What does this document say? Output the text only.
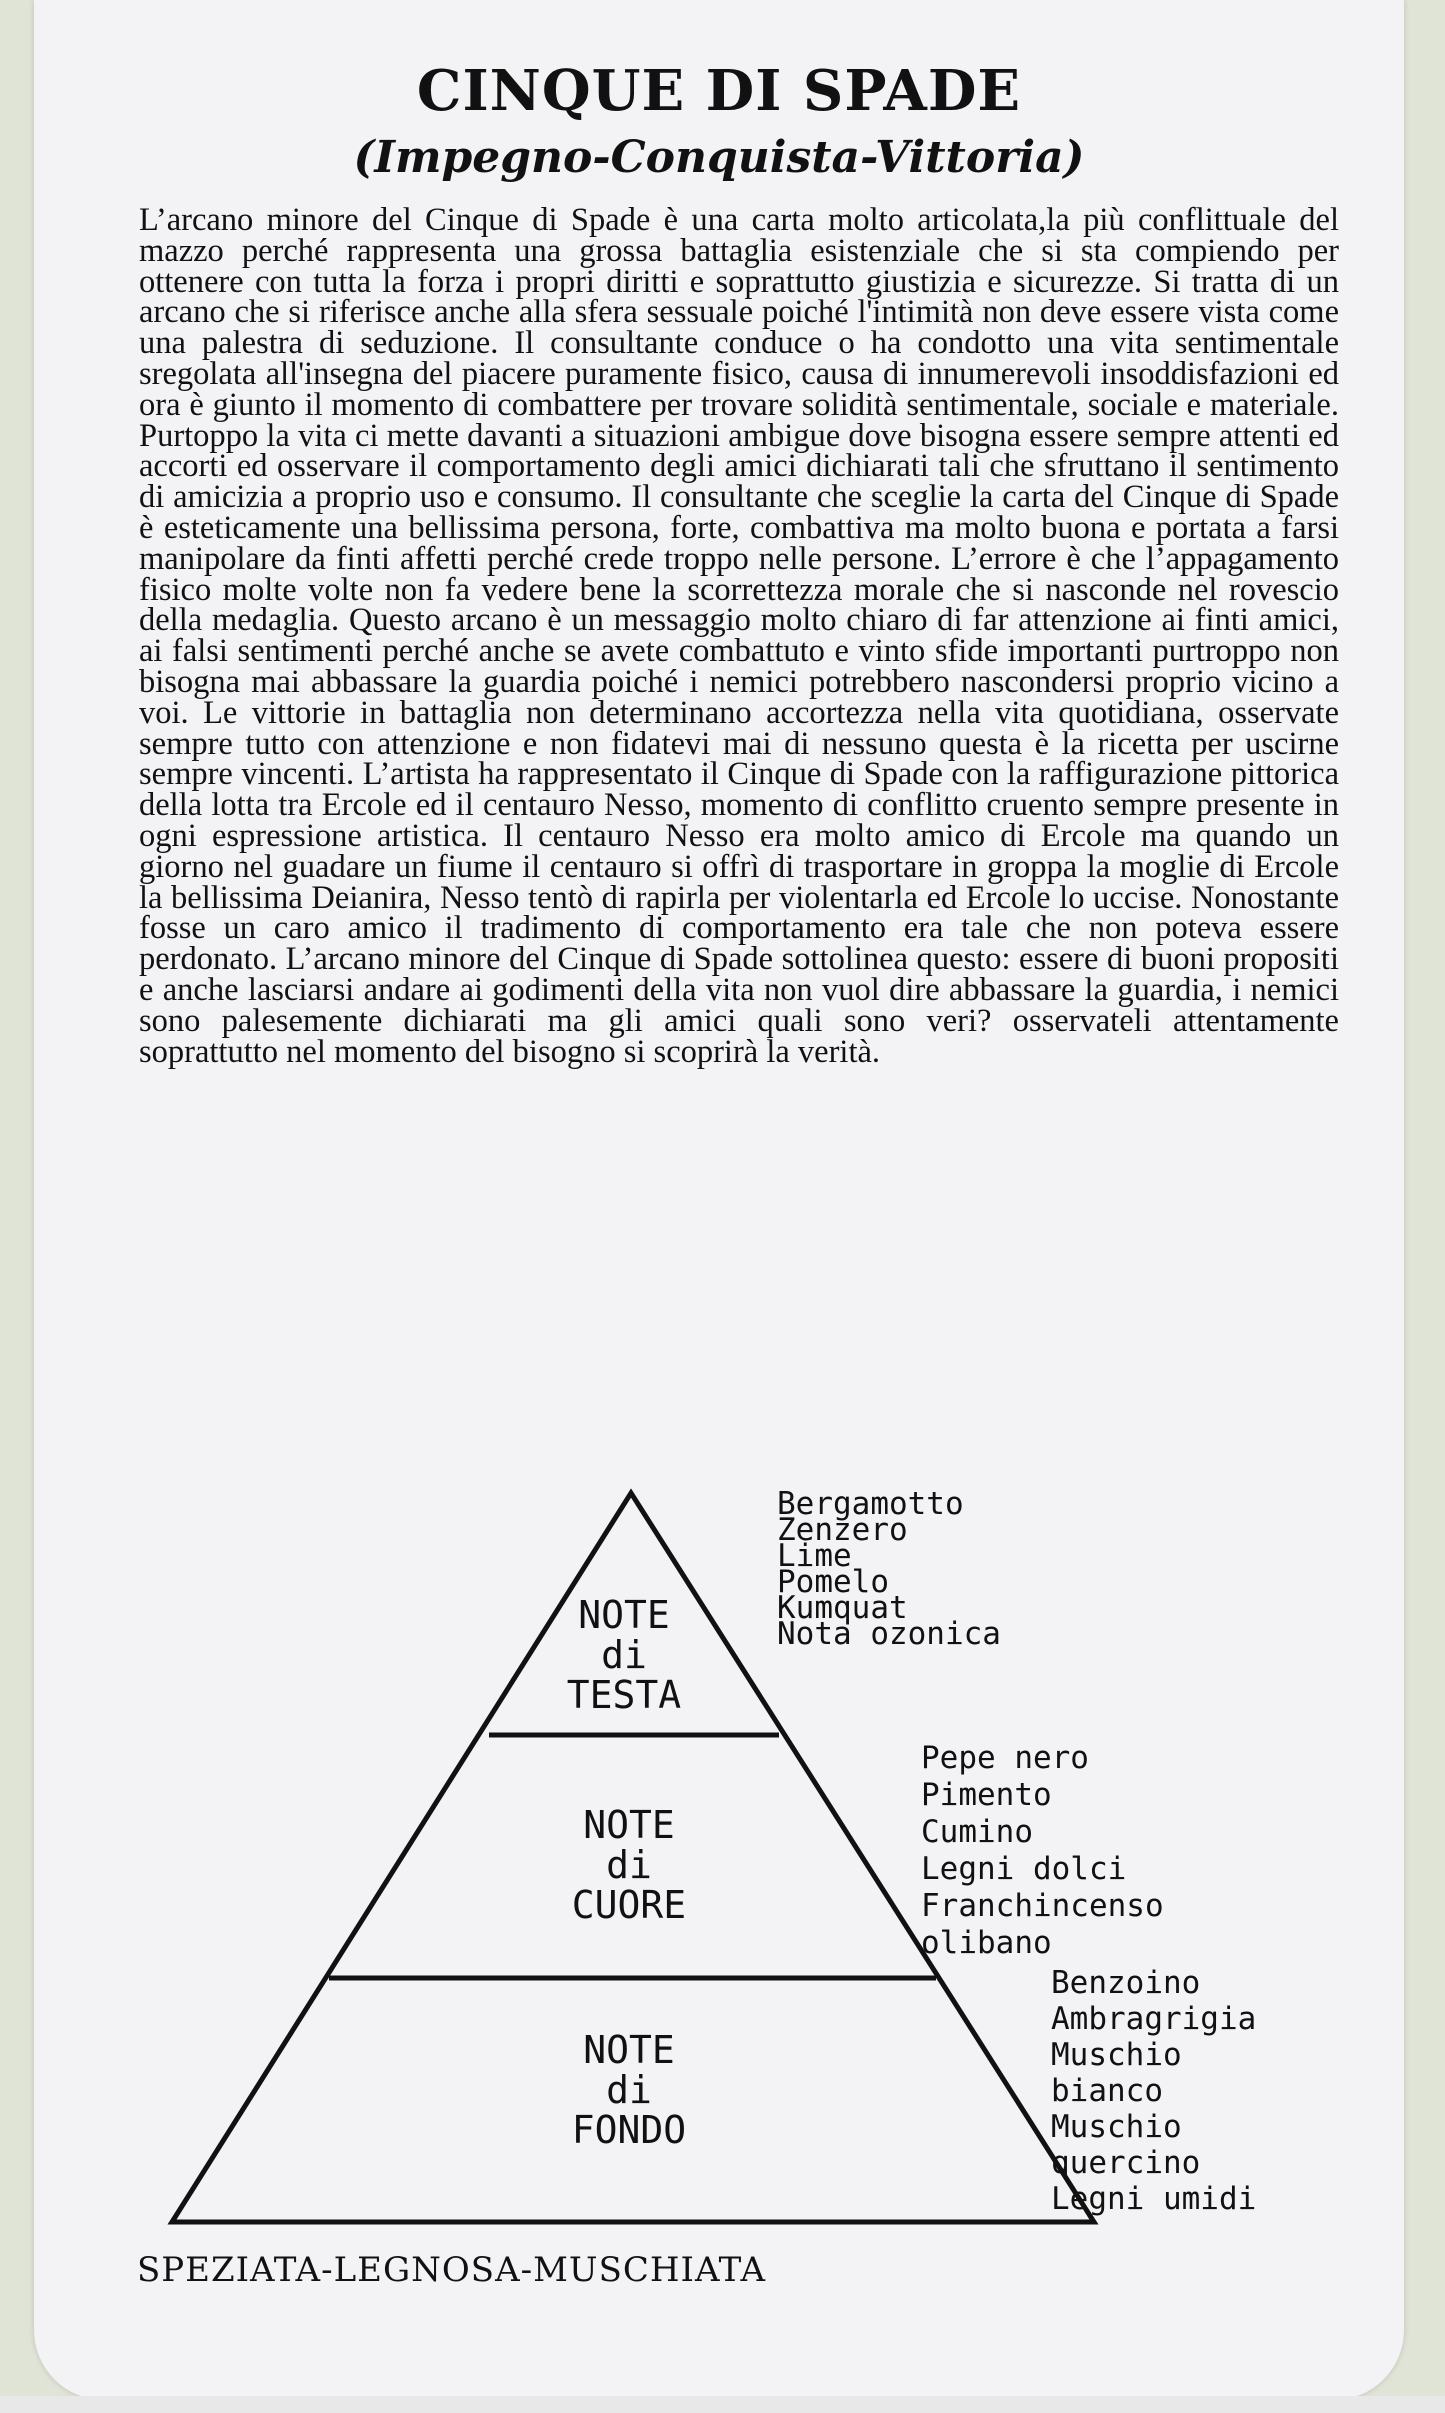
CINQUE DI SPADE
(Impegno-Conquista-Vittoria)

L’arcano minore del Cinque di Spade è una carta molto articolata,la più conflittuale del mazzo perché rappresenta una grossa battaglia esistenziale che si sta compiendo per ottenere con tutta la forza i propri diritti e soprattutto giustizia e sicurezze. Si tratta di un arcano che si riferisce anche alla sfera sessuale poiché l'intimità non deve essere vista come una palestra di seduzione. Il consultante conduce o ha condotto una vita sentimentale sregolata all'insegna del piacere puramente fisico, causa di innumerevoli insoddisfazioni ed ora è giunto il momento di combattere per trovare solidità sentimentale, sociale e materiale. Purtoppo la vita ci mette davanti a situazioni ambigue dove bisogna essere sempre attenti ed accorti ed osservare il comportamento degli amici dichiarati tali che sfruttano il sentimento di amicizia a proprio uso e consumo. Il consultante che sceglie la carta del Cinque di Spade è esteticamente una bellissima persona, forte, combattiva ma molto buona e portata a farsi manipolare da finti affetti perché crede troppo nelle persone. L’errore è che l’appagamento fisico molte volte non fa vedere bene la scorrettezza morale che si nasconde nel rovescio della medaglia. Questo arcano è un messaggio molto chiaro di far attenzione ai finti amici, ai falsi sentimenti perché anche se avete combattuto e vinto sfide importanti purtroppo non bisogna mai abbassare la guardia poiché i nemici potrebbero nascondersi proprio vicino a voi. Le vittorie in battaglia non determinano accortezza nella vita quotidiana, osservate sempre tutto con attenzione e non fidatevi mai di nessuno questa è la ricetta per uscirne sempre vincenti. L’artista ha rappresentato il Cinque di Spade con la raffigurazione pittorica della lotta tra Ercole ed il centauro Nesso, momento di conflitto cruento sempre presente in ogni espressione artistica. Il centauro Nesso era molto amico di Ercole ma quando un giorno nel guadare un fiume il centauro si offrì di trasportare in groppa la moglie di Ercole la bellissima Deianira, Nesso tentò di rapirla per violentarla ed Ercole lo uccise. Nonostante fosse un caro amico il tradimento di comportamento era tale che non poteva essere perdonato. L’arcano minore del Cinque di Spade sottolinea questo: essere di buoni propositi e anche lasciarsi andare ai godimenti della vita non vuol dire abbassare la guardia, i nemici sono palesemente dichiarati ma gli amici quali sono veri? osservateli attentamente soprattutto nel momento del bisogno si scoprirà la verità.

NOTE
di
TESTA
NOTE
di
CUORE
NOTE
di
FONDO
Bergamotto
Zenzero
Lime
Pomelo
Kumquat
Nota ozonica
Pepe nero
Pimento
Cumino
Legni dolci
Franchincenso olibano
Benzoino
Ambragrigia
Muschio bianco
Muschio quercino
Legni umidi
SPEZIATA-LEGNOSA-MUSCHIATA
